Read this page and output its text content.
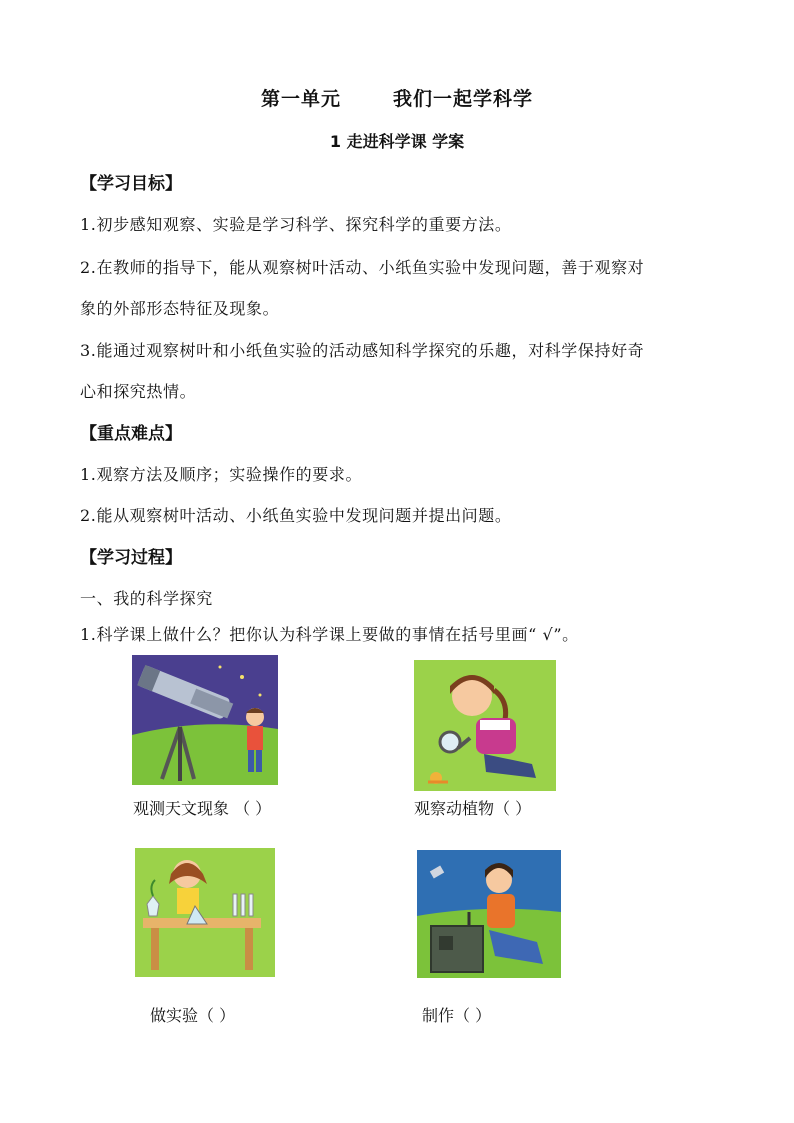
第一单元	我们一起学科学
1 走进科学课 学案
【学习目标】
1.初步感知观察、实验是学习科学、探究科学的重要方法。
2.在教师的指导下，能从观察树叶活动、小纸鱼实验中发现问题，善于观察对
象的外部形态特征及现象。
3.能通过观察树叶和小纸鱼实验的活动感知科学探究的乐趣，对科学保持好奇
心和探究热情。
【重点难点】
1.观察方法及顺序；实验操作的要求。
2.能从观察树叶活动、小纸鱼实验中发现问题并提出问题。
【学习过程】
一、我的科学探究
1.科学课上做什么？把你认为科学课上要做的事情在括号里画“ √”。
观测天文现象 （ ）	观察动植物（ ）
做实验（ ）	制作（ ）
